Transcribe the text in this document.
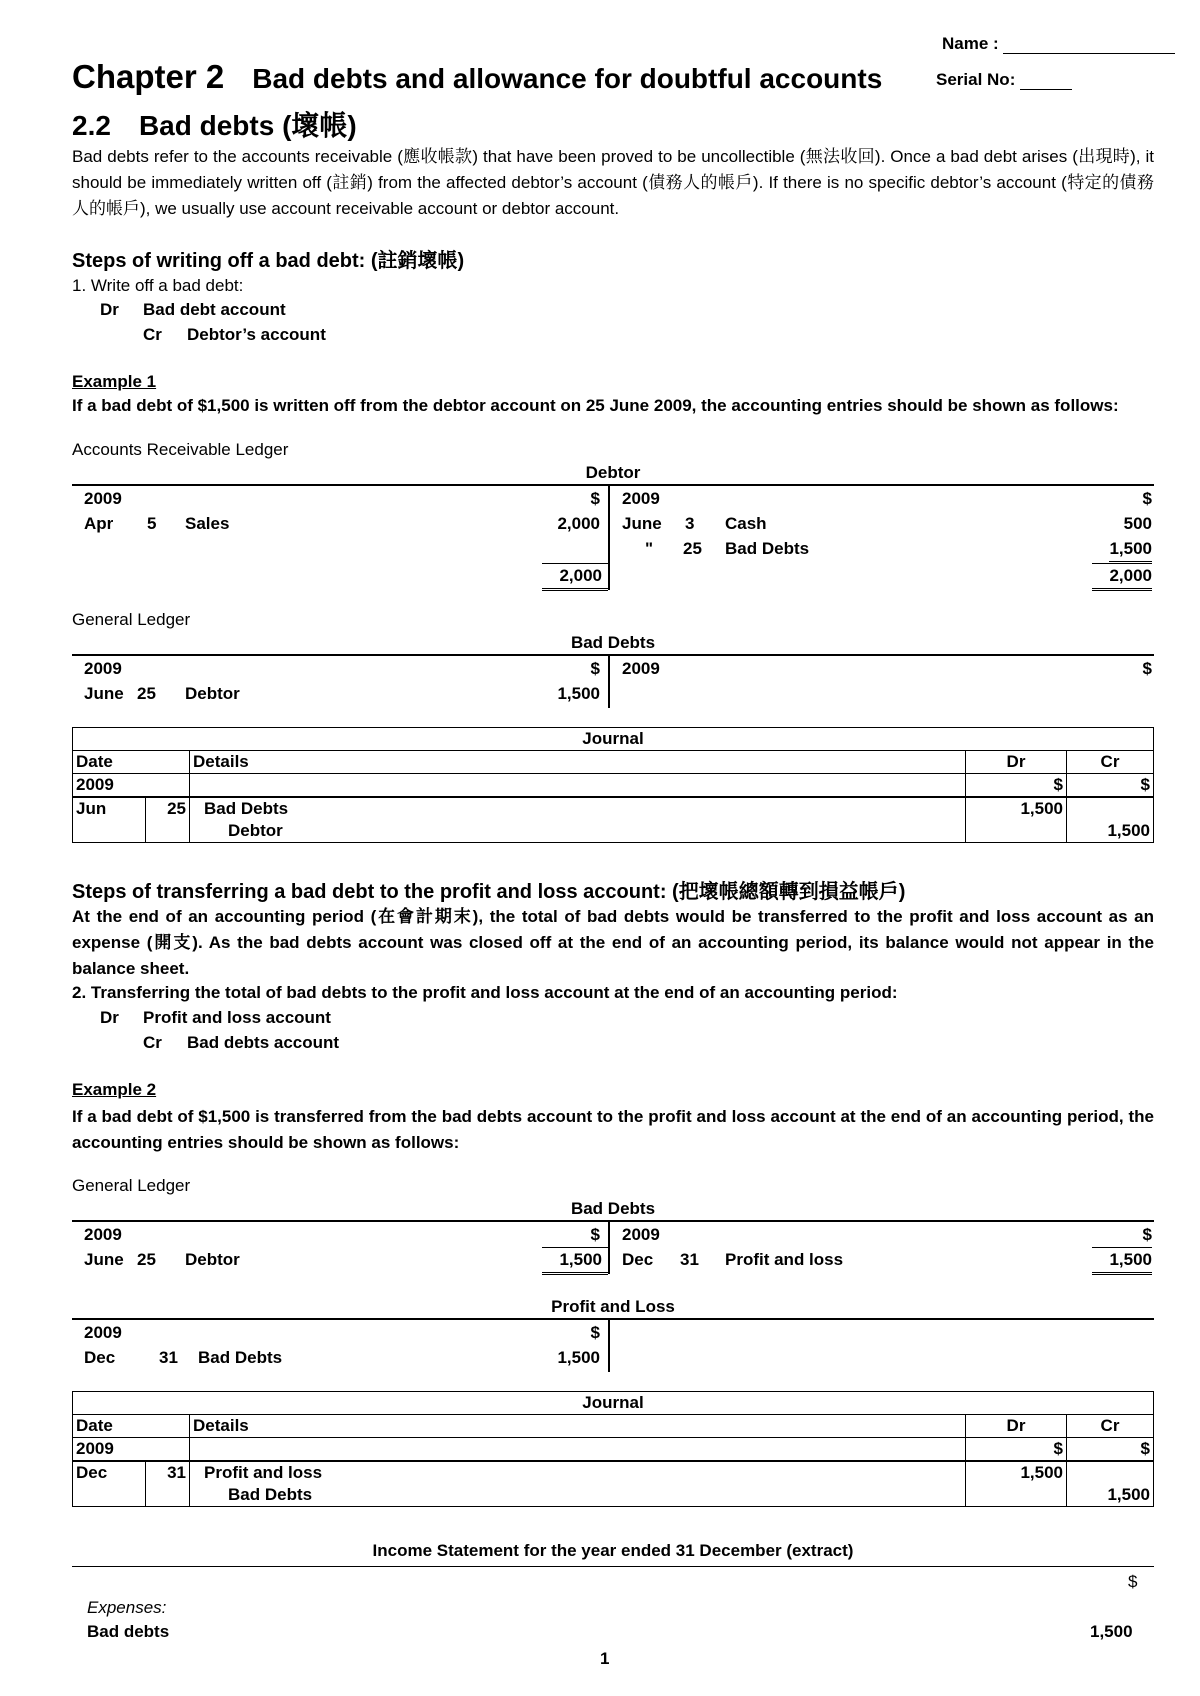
Name :
Serial No:
Chapter 2 Bad debts and allowance for doubtful accounts
2.2 Bad debts (壞帳)
Bad debts refer to the accounts receivable (應收帳款) that have been proved to be uncollectible (無法收回). Once a bad debt arises (出現時), it should be immediately written off (註銷) from the affected debtor’s account (債務人的帳戶). If there is no specific debtor’s account (特定的債務人的帳戶), we usually use account receivable account or debtor account.
Steps of writing off a bad debt: (註銷壞帳)
1. Write off a bad debt:
Dr Bad debt account
Cr Debtor’s account
Example 1
If a bad debt of $1,500 is written off from the debtor account on 25 June 2009, the accounting entries should be shown as follows:
Accounts Receivable Ledger
Debtor
2009	$
Apr 5 Sales	2,000
2,000
2009	$
June 3 Cash	500
" 25 Bad Debts	1,500
2,000
General Ledger
Bad Debts
2009	$
June 25 Debtor	1,500
2009	$
Journal				
Date		Details	Dr	Cr
2009			$	$
Jun	25	Bad Debts	1,500	
		Debtor		1,500
Steps of transferring a bad debt to the profit and loss account: (把壞帳總額轉到損益帳戶)
At the end of an accounting period (在會計期末), the total of bad debts would be transferred to the profit and loss account as an expense (開支). As the bad debts account was closed off at the end of an accounting period, its balance would not appear in the balance sheet.
2. Transferring the total of bad debts to the profit and loss account at the end of an accounting period:
Dr Profit and loss account
Cr Bad debts account
Example 2
If a bad debt of $1,500 is transferred from the bad debts account to the profit and loss account at the end of an accounting period, the accounting entries should be shown as follows:
General Ledger
Bad Debts
2009	$
June 25 Debtor	1,500
2009	$
Dec 31 Profit and loss	1,500
Profit and Loss
2009	$
Dec	31 Bad Debts	1,500
Journal				
Date		Details	Dr	Cr
2009			$	$
Dec	31	Profit and loss	1,500	
		Bad Debts		1,500
Income Statement for the year ended 31 December (extract)
$
Expenses:
Bad debts	1,500
1
